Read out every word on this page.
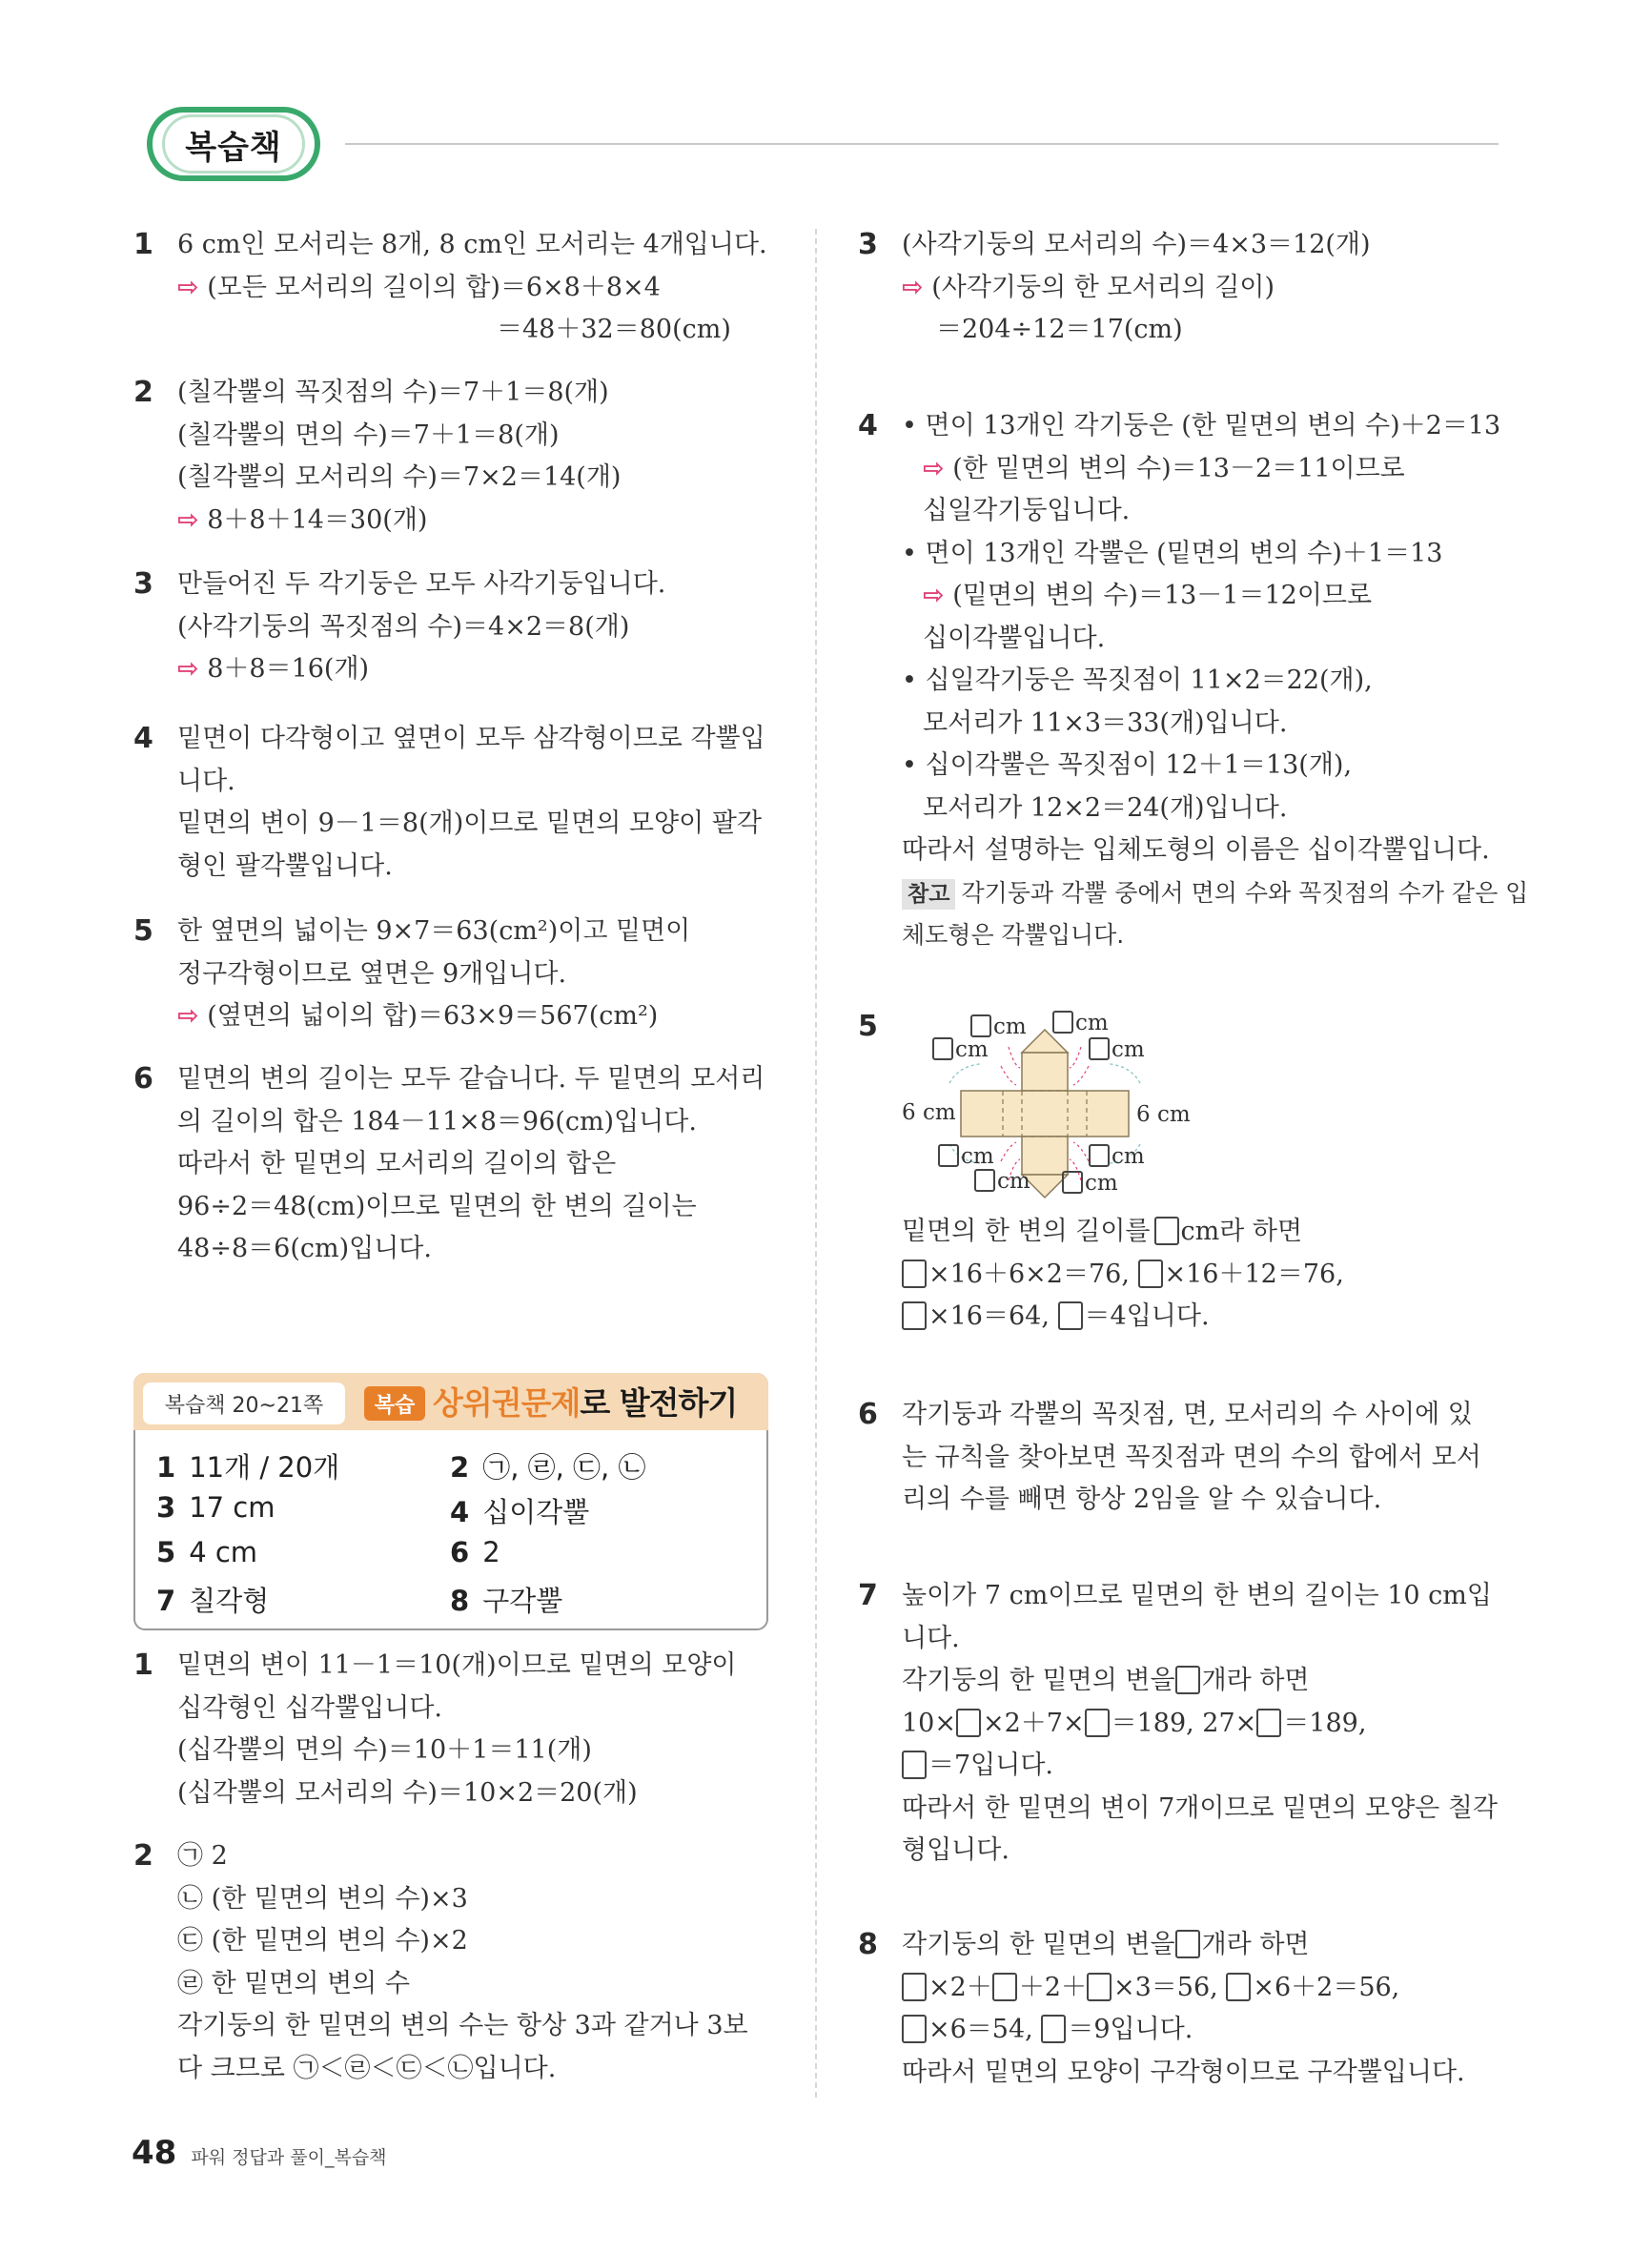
복습책
1 6 cm인 모서리는 8개, 8 cm인 모서리는 4개입니다.
⇨ (모든 모서리의 길이의 합)＝6×8＋8×4
＝48＋32＝80(cm)
2 (칠각뿔의 꼭짓점의 수)＝7＋1＝8(개)
(칠각뿔의 면의 수)＝7＋1＝8(개)
(칠각뿔의 모서리의 수)＝7×2＝14(개)
⇨ 8＋8＋14＝30(개)
3 만들어진 두 각기둥은 모두 사각기둥입니다.
(사각기둥의 꼭짓점의 수)＝4×2＝8(개)
⇨ 8＋8＝16(개)
4 밑면이 다각형이고 옆면이 모두 삼각형이므로 각뿔입
니다.
밑면의 변이 9－1＝8(개)이므로 밑면의 모양이 팔각
형인 팔각뿔입니다.
5 한 옆면의 넓이는 9×7＝63(cm²)이고 밑면이
정구각형이므로 옆면은 9개입니다.
⇨ (옆면의 넓이의 합)＝63×9＝567(cm²)
6 밑면의 변의 길이는 모두 같습니다. 두 밑면의 모서리
의 길이의 합은 184－11×8＝96(cm)입니다.
따라서 한 밑면의 모서리의 길이의 합은
96÷2＝48(cm)이므로 밑면의 한 변의 길이는
48÷8＝6(cm)입니다.
복습책 20~21쪽	복습 상위권문제로 발전하기
1 11개 / 20개	2 ㉠, ㉣, ㉢, ㉡
3 17 cm	4 십이각뿔
5 4 cm	6 2
7 칠각형	8 구각뿔
1 밑면의 변이 11－1＝10(개)이므로 밑면의 모양이
십각형인 십각뿔입니다.
(십각뿔의 면의 수)＝10＋1＝11(개)
(십각뿔의 모서리의 수)＝10×2＝20(개)
2 ㉠ 2
㉡ (한 밑면의 변의 수)×3
㉢ (한 밑면의 변의 수)×2
㉣ 한 밑면의 변의 수
각기둥의 한 밑면의 변의 수는 항상 3과 같거나 3보
다 크므로 ㉠＜㉣＜㉢＜㉡입니다.
3 (사각기둥의 모서리의 수)＝4×3＝12(개)
⇨ (사각기둥의 한 모서리의 길이)
＝204÷12＝17(cm)
4 • 면이 13개인 각기둥은 (한 밑면의 변의 수)＋2＝13
⇨ (한 밑면의 변의 수)＝13－2＝11이므로
십일각기둥입니다.
• 면이 13개인 각뿔은 (밑면의 변의 수)＋1＝13
⇨ (밑면의 변의 수)＝13－1＝12이므로
십이각뿔입니다.
• 십일각기둥은 꼭짓점이 11×2＝22(개),
모서리가 11×3＝33(개)입니다.
• 십이각뿔은 꼭짓점이 12＋1＝13(개),
모서리가 12×2＝24(개)입니다.
따라서 설명하는 입체도형의 이름은 십이각뿔입니다.
참고 각기둥과 각뿔 중에서 면의 수와 꼭짓점의 수가 같은 입
체도형은 각뿔입니다.
5	cm	cm
cm	cm
6 cm	6 cm
cm	cm
cm	cm
밑면의 한 변의 길이를 cm라 하면
×16＋6×2＝76, ×16＋12＝76,
×16＝64, ＝4입니다.
6 각기둥과 각뿔의 꼭짓점, 면, 모서리의 수 사이에 있
는 규칙을 찾아보면 꼭짓점과 면의 수의 합에서 모서
리의 수를 빼면 항상 2임을 알 수 있습니다.
7 높이가 7 cm이므로 밑면의 한 변의 길이는 10 cm입
니다.
각기둥의 한 밑면의 변을 개라 하면
10× ×2＋7× ＝189, 27× ＝189,
＝7입니다.
따라서 한 밑면의 변이 7개이므로 밑면의 모양은 칠각
형입니다.
8 각기둥의 한 밑면의 변을 개라 하면
×2＋ ＋2＋ ×3＝56, ×6＋2＝56,
×6＝54, ＝9입니다.
따라서 밑면의 모양이 구각형이므로 구각뿔입니다.
48 파워 정답과 풀이_복습책
